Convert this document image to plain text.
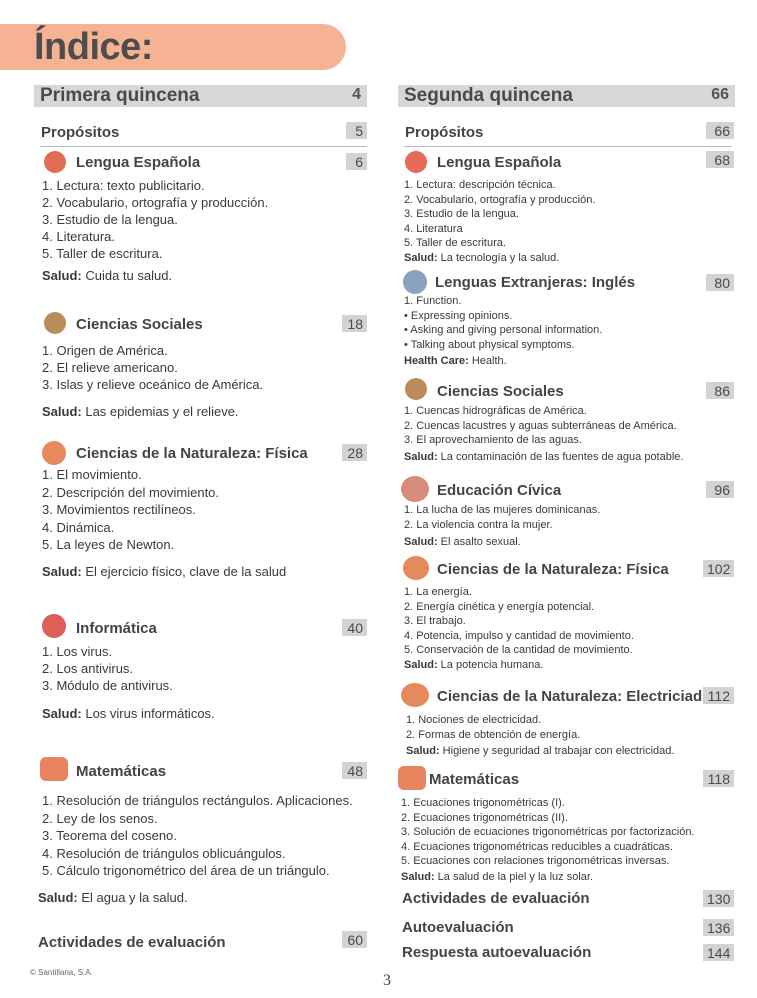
Índice:
Primera quincena	4
Propósitos	5
Lengua Española	6
1. Lectura: texto publicitario.
2. Vocabulario, ortografía y producción.
3. Estudio de la lengua.
4. Literatura.
5. Taller de escritura.
Salud: Cuida tu salud.
Ciencias Sociales	18
1. Origen de América.
2. El relieve americano.
3. Islas y relieve oceánico de América.
Salud: Las epidemias y el relieve.
Ciencias de la Naturaleza: Física	28
1. El movimiento.
2. Descripción del movimiento.
3. Movimientos rectilíneos.
4. Dinámica.
5. La leyes de Newton.
Salud: El ejercicio físico, clave de la salud
Informática	40
1. Los virus.
2. Los antivirus.
3. Módulo de antivirus.
Salud: Los virus informáticos.
Matemáticas	48
1. Resolución de triángulos rectángulos. Aplicaciones.
2. Ley de los senos.
3. Teorema del coseno.
4. Resolución de triángulos oblicuángulos.
5. Cálculo trigonométrico del área de un triángulo.
Salud: El agua y la salud.
Actividades de evaluación	60
Segunda quincena	66
Propósitos	66
Lengua Española	68
1. Lectura: descripción técnica.
2. Vocabulario, ortografía y producción.
3. Estudio de la lengua.
4. Literatura
5. Taller de escritura.
Salud: La tecnología y la salud.
Lenguas Extranjeras: Inglés	80
1. Function.
• Expressing opinions.
• Asking and giving personal information.
• Talking about physical symptoms.
Health Care: Health.
Ciencias Sociales	86
1. Cuencas hidrográficas de América.
2. Cuencas lacustres y aguas subterráneas de América.
3. El aprovechamiento de las aguas.
Salud: La contaminación de las fuentes de agua potable.
Educación Cívica	96
1. La lucha de las mujeres dominicanas.
2. La violencia contra la mujer.
Salud: El asalto sexual.
Ciencias de la Naturaleza: Física	102
1. La energía.
2. Energía cinética y energía potencial.
3. El trabajo.
4. Potencia, impulso y cantidad de movimiento.
5. Conservación de la cantidad de movimiento.
Salud: La potencia humana.
Ciencias de la Naturaleza: Electriciad 112
1. Nociones de electricidad.
2. Formas de obtención de energía.
Salud: Higiene y seguridad al trabajar con electricidad.
Matemáticas	118
1. Ecuaciones trigonométricas (I).
2. Ecuaciones trigonométricas (II).
3. Solución de ecuaciones trigonométricas por factorización.
4. Ecuaciones trigonométricas reducibles a cuadráticas.
5. Ecuaciones con relaciones trigonométricas inversas.
Salud: La salud de la piel y la luz solar.
Actividades de evaluación	130
Autoevaluación	136
Respuesta autoevaluación	144
© Santillana, S.A.	3
